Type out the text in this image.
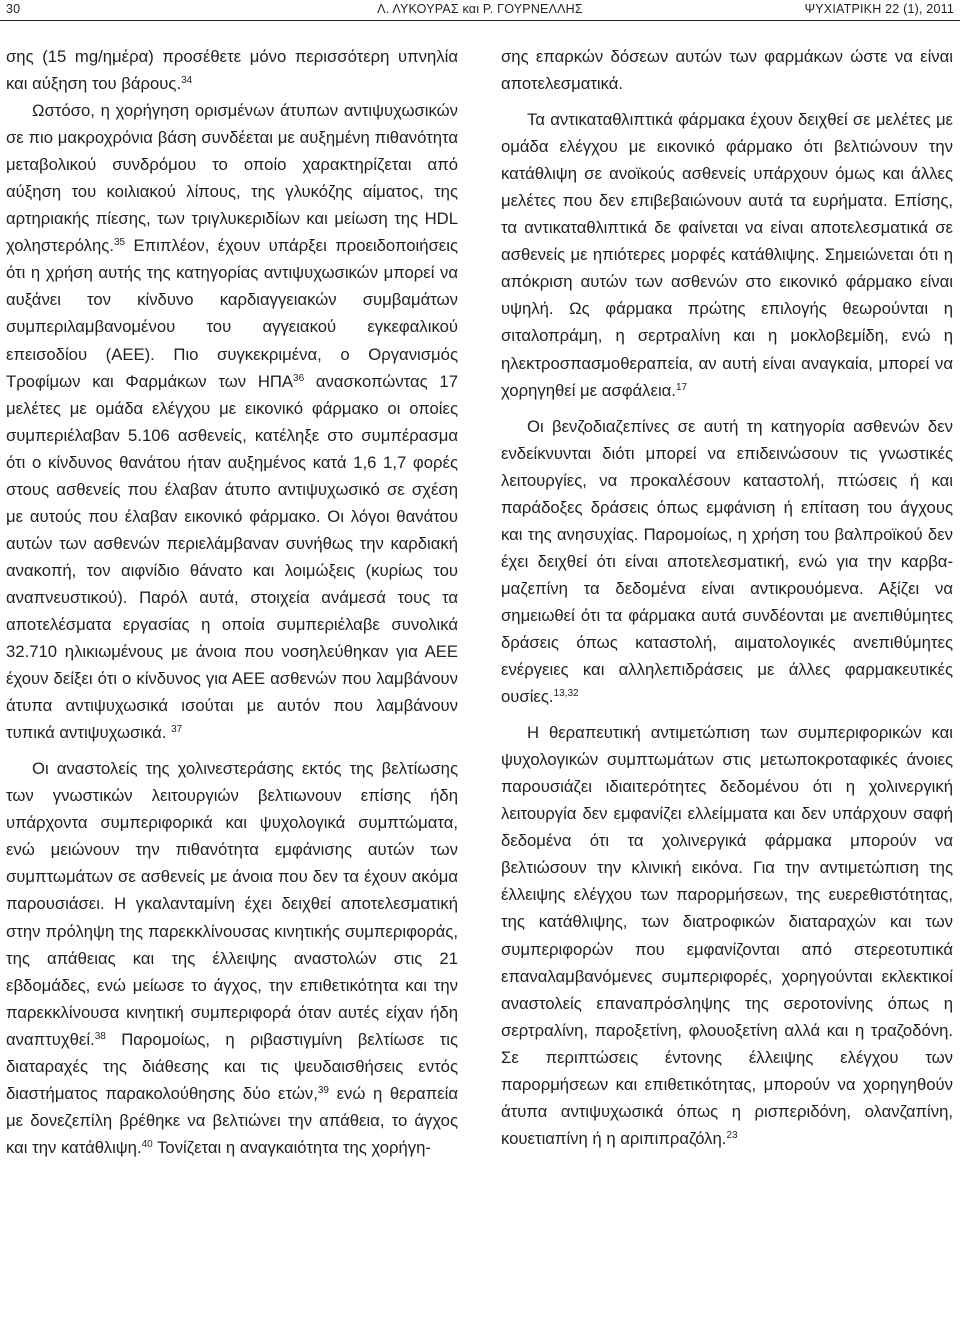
30	Λ. ΛΥΚΟΥΡΑΣ και Ρ. ΓΟΥΡΝΕΛΛΗΣ	ΨΥΧΙΑΤΡΙΚΗ 22 (1), 2011

σης (15 mg/ημέρα) προσέθετε μόνο περισσότερη υπνηλία και αύξηση του βάρους.$^{34}$

Ωστόσο, η χορήγηση ορισμένων άτυπων αντιψυχωσικών σε πιο μακροχρόνια βάση συνδέεται με αυξημένη πιθανότητα μεταβολικού συνδρόμου το οποίο χαρακτηρίζεται από αύξηση του κοιλιακού λίπους, της γλυκόζης αίματος, της αρτηριακής πίεσης, των τριγλυκεριδίων και μείωση της HDL χοληστερόλης.$^{35}$ Επιπλέον, έχουν υπάρξει προειδοποιήσεις ότι η χρήση αυτής της κατηγορίας αντιψυχωσικών μπορεί να αυξάνει τον κίνδυνο καρδιαγγειακών συμβαμάτων συμπεριλαμβανομένου του αγγειακού εγκεφαλικού επεισοδίου (ΑΕΕ). Πιο συγκεκριμένα, ο Οργανισμός Τροφίμων και Φαρμάκων των ΗΠΑ$^{36}$ ανασκοπώντας 17 μελέτες με ομάδα ελέγχου με εικονικό φάρμακο οι οποίες συμπεριέλαβαν 5.106 ασθενείς, κατέληξε στο συμπέρασμα ότι ο κίνδυνος θανάτου ήταν αυξημένος κατά 1,6 1,7 φορές στους ασθενείς που έλαβαν άτυπο αντιψυχωσικό σε σχέση με αυτούς που έλαβαν εικονικό φάρμακο. Οι λόγοι θανάτου αυτών των ασθενών περιελάμβαναν συνήθως την καρδιακή ανακοπή, τον αιφνίδιο θάνατο και λοιμώξεις (κυρίως του αναπνευστικού). Παρόλ αυτά, στοιχεία ανάμεσά τους τα αποτελέσματα εργασίας η οποία συμπεριέλαβε συνολικά 32.710 ηλικιωμένους με άνοια που νοσηλεύθηκαν για ΑΕΕ έχουν δείξει ότι ο κίνδυνος για ΑΕΕ ασθενών που λαμβάνουν άτυπα αντιψυχωσικά ισούται με αυτόν που λαμβάνουν τυπικά αντιψυχωσικά. $^{37}$

Οι αναστολείς της χολινεστεράσης εκτός της βελτίωσης των γνωστικών λειτουργιών βελτιωνουν επίσης ήδη υπάρχοντα συμπεριφορικά και ψυχολογικά συμπτώματα, ενώ μειώνουν την πιθανότητα εμφάνισης αυτών των συμπτωμάτων σε ασθενείς με άνοια που δεν τα έχουν ακόμα παρουσιάσει. Η γκαλανταμίνη έχει δειχθεί αποτελεσματική στην πρόληψη της παρεκκλίνουσας κινητικής συμπεριφοράς, της απάθειας και της έλλειψης αναστολών στις 21 εβδομάδες, ενώ μείωσε το άγχος, την επιθετικότητα και την παρεκκλίνουσα κινητική συμπεριφορά όταν αυτές είχαν ήδη αναπτυχθεί.$^{38}$ Παρομοίως, η ριβαστιγμίνη βελτίωσε τις διαταραχές της διάθεσης και τις ψευδαισθήσεις εντός διαστήματος παρακολούθησης δύο ετών,$^{39}$ ενώ η θεραπεία με δονεζεπίλη βρέθηκε να βελτιώνει την απάθεια, το άγχος και την κατάθλιψη.$^{40}$ Τονίζεται η αναγκαιότητα της χορήγη-

σης επαρκών δόσεων αυτών των φαρμάκων ώστε να είναι αποτελεσματικά.

Τα αντικαταθλιπτικά φάρμακα έχουν δειχθεί σε μελέτες με ομάδα ελέγχου με εικονικό φάρμακο ότι βελτιώνουν την κατάθλιψη σε ανοϊκούς ασθενείς υπάρχουν όμως και άλλες μελέτες που δεν επιβεβαιώνουν αυτά τα ευρήματα. Επίσης, τα αντικαταθλιπτικά δε φαίνεται να είναι αποτελεσματικά σε ασθενείς με ηπιότερες μορφές κατάθλιψης. Σημειώνεται ότι η απόκριση αυτών των ασθενών στο εικονικό φάρμακο είναι υψηλή. Ως φάρμακα πρώτης επιλογής θεωρούνται η σιταλοπράμη, η σερτραλίνη και η μοκλοβεμίδη, ενώ η ηλεκτροσπασμοθεραπεία, αν αυτή είναι αναγκαία, μπορεί να χορηγηθεί με ασφάλεια.$^{17}$

Οι βενζοδιαζεπίνες σε αυτή τη κατηγορία ασθενών δεν ενδείκνυνται διότι μπορεί να επιδεινώσουν τις γνωστικές λειτουργίες, να προκαλέσουν καταστολή, πτώσεις ή και παράδοξες δράσεις όπως εμφάνιση ή επίταση του άγχους και της ανησυχίας. Παρομοίως, η χρήση του βαλπροϊκού δεν έχει δειχθεί ότι είναι αποτελεσματική, ενώ για την καρβαμαζεπίνη τα δεδομένα είναι αντικρουόμενα. Αξίζει να σημειωθεί ότι τα φάρμακα αυτά συνδέονται με ανεπιθύμητες δράσεις όπως καταστολή, αιματολογικές ανεπιθύμητες ενέργειες και αλληλεπιδράσεις με άλλες φαρμακευτικές ουσίες.$^{13,32}$

Η θεραπευτική αντιμετώπιση των συμπεριφορικών και ψυχολογικών συμπτωμάτων στις μετωποκροταφικές άνοιες παρουσιάζει ιδιαιτερότητες δεδομένου ότι η χολινεργική λειτουργία δεν εμφανίζει ελλείμματα και δεν υπάρχουν σαφή δεδομένα ότι τα χολινεργικά φάρμακα μπορούν να βελτιώσουν την κλινική εικόνα. Για την αντιμετώπιση της έλλειψης ελέγχου των παρορμήσεων, της ευερεθιστότητας, της κατάθλιψης, των διατροφικών διαταραχών και των συμπεριφορών που εμφανίζονται από στερεοτυπικά επαναλαμβανόμενες συμπεριφορές, χορηγούνται εκλεκτικοί αναστολείς επαναπρόσληψης της σεροτονίνης όπως η σερτραλίνη, παροξετίνη, φλουοξετίνη αλλά και η τραζοδόνη. Σε περιπτώσεις έντονης έλλειψης ελέγχου των παρορμήσεων και επιθετικότητας, μπορούν να χορηγηθούν άτυπα αντιψυχωσικά όπως η ρισπεριδόνη, ολανζαπίνη, κουετιαπίνη ή η αριπιπραζόλη.$^{23}$
